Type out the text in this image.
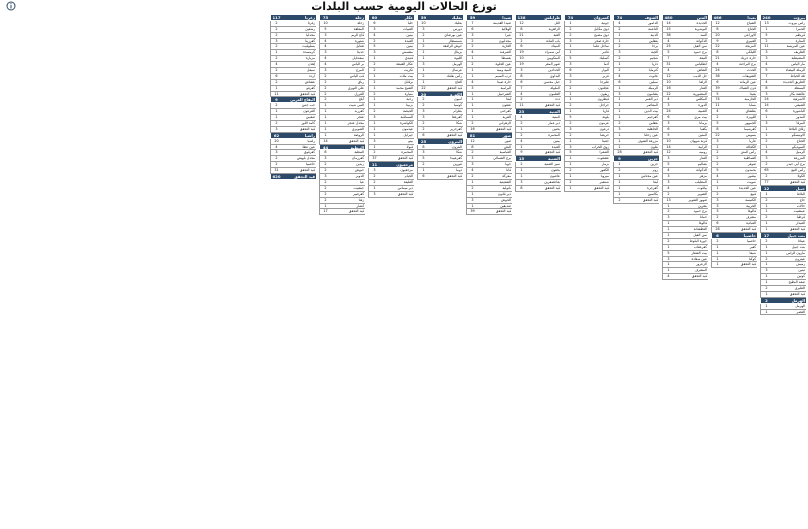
توزع الحالات اليومية حسب البلدات
بيروت
240
راس بيروت
13
الحمرا
1
قريطم
5
المنارة
2
عين المريسة
11
الظريف
3
المصيطبة
3
مار الياس
4
الرملة البيضاء
5
تلة الخياط
7
الطريق الجديدة
4
البسطة
8
عائشة بكار
3
الاشرفية
24
الصيفي
14
الباشورة
6
المدور
1
المرفأ
3
زقاق البلاط
1
الاونيسكو
1
الجناح
2
السوديكو
1
الرميل
4
المزرعة
3
برج أبي حيدر
2
رأس النبع
65
الكولا
2
قيد التحقق
77
جبيل
12
البلاط
1
جاج
2
حالات
1
عمشيت
1
قرطبا
2
الفيدار
1
قيد التحقق
1
بنت جبيل
17
عيناثا
2
بنت جبيل
1
مارون الراس
1
عيترون
2
رميش
1
تبنين
3
كونين
1
صفد البطيخ
1
الطيري
2
قيد التحقق
1
الهرمل
2
الهرمل
1
القصر
1
بعبدا
466
الشياح
12
الجناح
8
الاوزاعي
20
الغبيري
9
المريجة
22
الليلكي
8
حارة حريك
21
برج البراجنة
4
الحدث
24
الشويفات
36
عين الرمانة
6
فرن الشباك
39
بعبدا
5
الحازمية
74
بسابا
11
بطشاي
4
اللويزة
2
الجمهور
5
كفرشيما
8
بسوس
22
عاريا
3
الكحالة
1
رأس المتن
2
القماطية
2
صوفر
2
بحمدون
5
بيصور
4
شويت
1
عين الجديدة
1
قبيع
2
الكنيسة
3
الخريبة
3
فالوغا
3
مشرف
2
العبادية
6
قيد التحقق
28
حاصبيا
6
حاصبيا
2
كفير
1
شبعا
1
كوكبا
1
قيد التحقق
1
المتن
480
الجديدة
14
البوشرية
15
السد
36
الدكوانة
4
سن الفيل
25
برج حمود
5
النبعة
7
انطلياس
31
النقاش
4
جل الديب
12
الزلقا
10
الفنار
16
المنصورية
12
المكلس
4
الدورة
3
الضبية
24
بيت مري
6
برمانا
3
بكفيا
6
المتين
5
قرنة شهوان
10
الرابية
14
روميه
12
الفنار
3
بصاليم
5
الدكوانة
4
مزهر
3
المطيلب
3
بياقوت
4
الشوير
2
ضهور الشوير
13
بتغرين
1
برج حمود
2
حمانا
3
فالوغا
1
العطشانة
1
سن الفيل
1
جورة البلوط
2
كفرعقاب
1
بيت الشعار
5
عين سعادة
3
الزعرور
1
المشرف
1
قيد التحقق
4
الشوف
74
الدامور
4
الناعمة
2
الدبية
1
بعقلين
1
برجا
2
الجية
3
شحيم
2
داريا
1
كترمايا
2
عانوت
4
سبلين
6
الرميلة
1
بشامون
3
دير القمر
1
المعاصر
1
بيت الدين
1
كفرحيم
1
بعقلين
2
الجاهلية
3
عين زحلتا
1
مزرعة الشوف
1
بتلون
1
قيد التحقق
28
جزين
9
جزين
1
روم
2
عين مجدلين
1
لبعا
1
كفرجرة
1
بكاسين
1
قيد التحقق
2
كسروان
74
جونية
1
ذوق مكايل
2
ذوق مصبح
2
حارة صخر
3
ساحل علما
1
غادير
1
كسليك
5
أدما
3
البوار
6
غزير
3
طبرجا
2
عجلتون
2
ريفون
1
فيطرون
1
حراجل
2
فاريا
1
بلونة
5
عرمون
2
درعون
3
حريصا
2
جعيتا
1
زوق الخراب
3
الصفرا
5
عشقوت
1
بزمار
1
الكفور
2
ميروبا
1
شننعير
2
قيد التحقق
1
طرابلس
138
التل
12
الزاهرية
8
القبة
21
باب التبانة
2
الميناء
6
أبي سمراء
19
المنكوبين
10
ضهر المغر
19
الحدادين
3
البداوي
8
جبل محسن
6
الملولة
7
القلمون
4
دده
2
قيد التحقق
11
المنية
23
المنية
4
دير عمار
2
بحنين
1
المحمرة
2
ببنين
4
العبدة
1
قيد التحقق
9
الضنية
15
سير الضنية
2
بخعون
1
عاصون
1
بقاعصفرين
3
قيد التحقق
8
صيدا
59
صيدا القديمة
7
الهلالية
6
عبرا
3
مجدليون
2
الغازية
2
الصرفند
4
بقسطا
1
عين الحلوة
2
المية ومية
1
درب السيم
1
حارة صيدا
4
البرامية
3
الشرحبيل
1
لبعا
1
عنقون
1
كفرحتى
1
القرية
1
الزهراني
2
قيد التحقق
16
صور
81
صور
12
البص
8
العباسية
2
برج الشمالي
3
جويا
3
قانا
4
معركة
2
الشعيتية
1
باتولية
2
دير قانون
1
الحوش
3
صديقين
1
قيد التحقق
39
بعلبك
59
بعلبك
20
دورس
3
عين بورضاي
2
شمسطار
1
حوش الرافقة
2
بريتال
1
اللبوة
1
الهرمل
3
عرسال
1
رأس بعلبك
2
القاع
1
قيد التحقق
22
الكورة
20
أميون
2
كوسبا
2
بطرام
3
كفرعقا
3
شكا
2
كفرحزير
2
قيد التحقق
6
البترون
25
البترون
8
شكا
3
كفرعبيدا
5
تنورين
2
دوما
1
قيد التحقق
6
عكار
80
حلبا
6
القبيات
3
ببنين
4
العبدة
2
ببنين
5
مشمش
3
فنيدق
1
عكار العتيقة
2
تكريت
2
بيت ملات
1
برقايل
2
الشيخ محمد
1
منيارة
2
رحبة
1
بزبينا
1
الحيصة
2
السماقية
3
الكواشرة
1
عيدمون
1
جبرايل
1
بينو
3
قبولا
1
المحمرة
2
قيد التحقق
37
مرجعيون
11
مرجعيون
3
الخيام
2
القليعة
2
دير ميماس
1
قيد التحقق
3
زحلة
75
زحلة
10
المعلقة
5
قاع الريم
3
شتورة
4
تعنايل
4
جديتا
3
سعدنايل
4
بر الياس
4
المرج
3
قب الياس
2
رياق
2
علي النهري
2
الفرزل
2
أبلح
2
النبي شيت
1
كفرزبد
1
عنجر
1
مجدل عنجر
1
الصويري
1
الروضة
1
قيد التحقق
14
النبطية
44
النبطية
8
كفررمان
3
زبدين
2
حبوش
2
الدوير
3
عبا
2
جبشيت
2
كفرصير
2
زفتا
2
أنصار
1
قيد التحقق
17
زغرتا
117
زغرتا
2
رشعين
2
مجدليا
2
كفرزينا
3
بسلوقيت
2
كرمسدة
1
مزيارة
2
إهدن
4
سبعل
2
ارده
6
عشاش
2
كفرفو
1
قيد التحقق
11
البقاع الغربي
9
جب جنين
2
القرعون
1
صغبين
1
كامد اللوز
2
قيد التحقق
3
راشيا
62
راشيا
20
عين عطا
4
كفرقوق
3
مجدل بلهيص
2
حاصبيا
2
قيد التحقق
31
قيد التحقق
620
